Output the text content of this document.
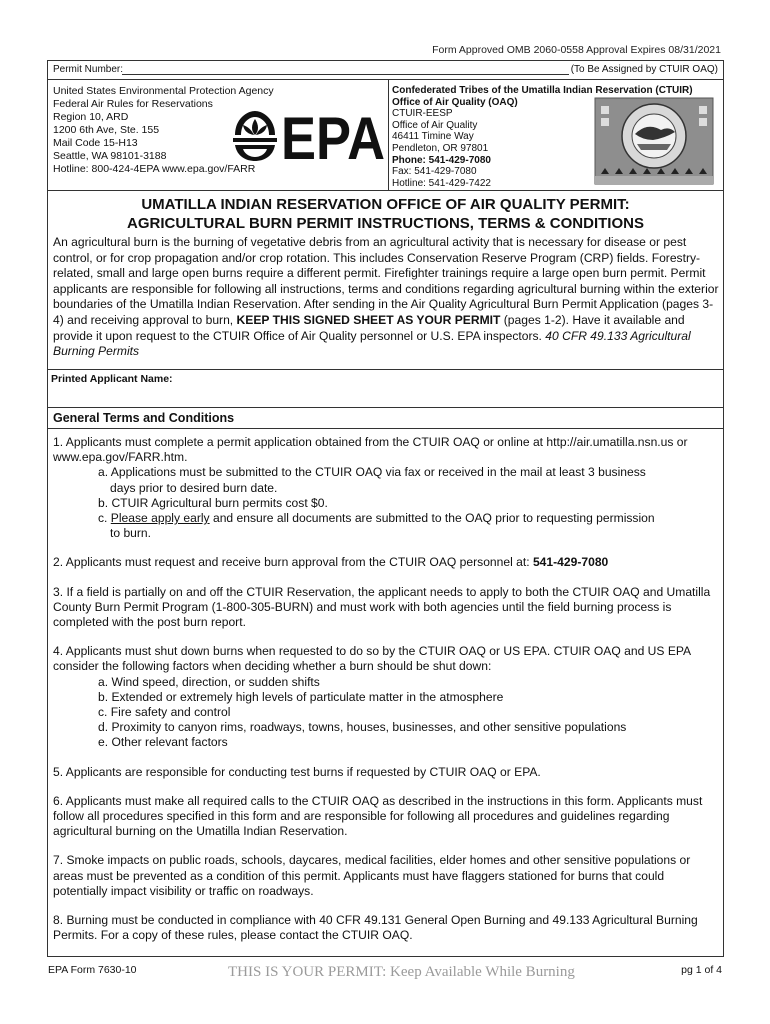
Form Approved OMB 2060-0558 Approval Expires 08/31/2021
Permit Number:	(To Be Assigned by CTUIR OAQ)
United States Environmental Protection Agency
Federal Air Rules for Reservations
Region 10, ARD
1200 6th Ave, Ste. 155
Mail Code 15-H13
Seattle, WA 98101-3188
Hotline: 800-424-4EPA www.epa.gov/FARR EPA
Confederated Tribes of the Umatilla Indian Reservation (CTUIR)
Office of Air Quality (OAQ)
CTUIR-EESP
Office of Air Quality
46411 Timine Way
Pendleton, OR 97801
Phone: 541-429-7080
Fax: 541-429-7080
Hotline: 541-429-7422
UMATILLA INDIAN RESERVATION OFFICE OF AIR QUALITY PERMIT:
AGRICULTURAL BURN PERMIT INSTRUCTIONS, TERMS & CONDITIONS
An agricultural burn is the burning of vegetative debris from an agricultural activity that is necessary for disease or pest control, or for crop propagation and/or crop rotation. This includes Conservation Reserve Program (CRP) fields. Forestry-related, small and large open burns require a different permit. Firefighter trainings require a large open burn permit. Permit applicants are responsible for following all instructions, terms and conditions regarding agricultural burning within the exterior boundaries of the Umatilla Indian Reservation. After sending in the Air Quality Agricultural Burn Permit Application (pages 3-4) and receiving approval to burn, KEEP THIS SIGNED SHEET AS YOUR PERMIT (pages 1-2). Have it available and provide it upon request to the CTUIR Office of Air Quality personnel or U.S. EPA inspectors. 40 CFR 49.133 Agricultural Burning Permits
Printed Applicant Name:
General Terms and Conditions

1. Applicants must complete a permit application obtained from the CTUIR OAQ or online at http://air.umatilla.nsn.us or www.epa.gov/FARR.htm.
a. Applications must be submitted to the CTUIR OAQ via fax or received in the mail at least 3 business
days prior to desired burn date.
b. CTUIR Agricultural burn permits cost $0.
c. Please apply early and ensure all documents are submitted to the OAQ prior to requesting permission
to burn.

2. Applicants must request and receive burn approval from the CTUIR OAQ personnel at: 541-429-7080

3. If a field is partially on and off the CTUIR Reservation, the applicant needs to apply to both the CTUIR OAQ and Umatilla County Burn Permit Program (1-800-305-BURN) and must work with both agencies until the field burning process is completed with the post burn report.

4. Applicants must shut down burns when requested to do so by the CTUIR OAQ or US EPA. CTUIR OAQ and US EPA consider the following factors when deciding whether a burn should be shut down:
a. Wind speed, direction, or sudden shifts
b. Extended or extremely high levels of particulate matter in the atmosphere
c. Fire safety and control
d. Proximity to canyon rims, roadways, towns, houses, businesses, and other sensitive populations
e. Other relevant factors

5. Applicants are responsible for conducting test burns if requested by CTUIR OAQ or EPA.

6. Applicants must make all required calls to the CTUIR OAQ as described in the instructions in this form. Applicants must follow all procedures specified in this form and are responsible for following all procedures and guidelines regarding agricultural burning on the Umatilla Indian Reservation.

7. Smoke impacts on public roads, schools, daycares, medical facilities, elder homes and other sensitive populations or areas must be prevented as a condition of this permit. Applicants must have flaggers stationed for burns that could potentially impact visibility or traffic on roadways.

8. Burning must be conducted in compliance with 40 CFR 49.131 General Open Burning and 49.133 Agricultural Burning Permits. For a copy of these rules, please contact the CTUIR OAQ.

EPA Form 7630-10	THIS IS YOUR PERMIT: Keep Available While Burning	pg 1 of 4
